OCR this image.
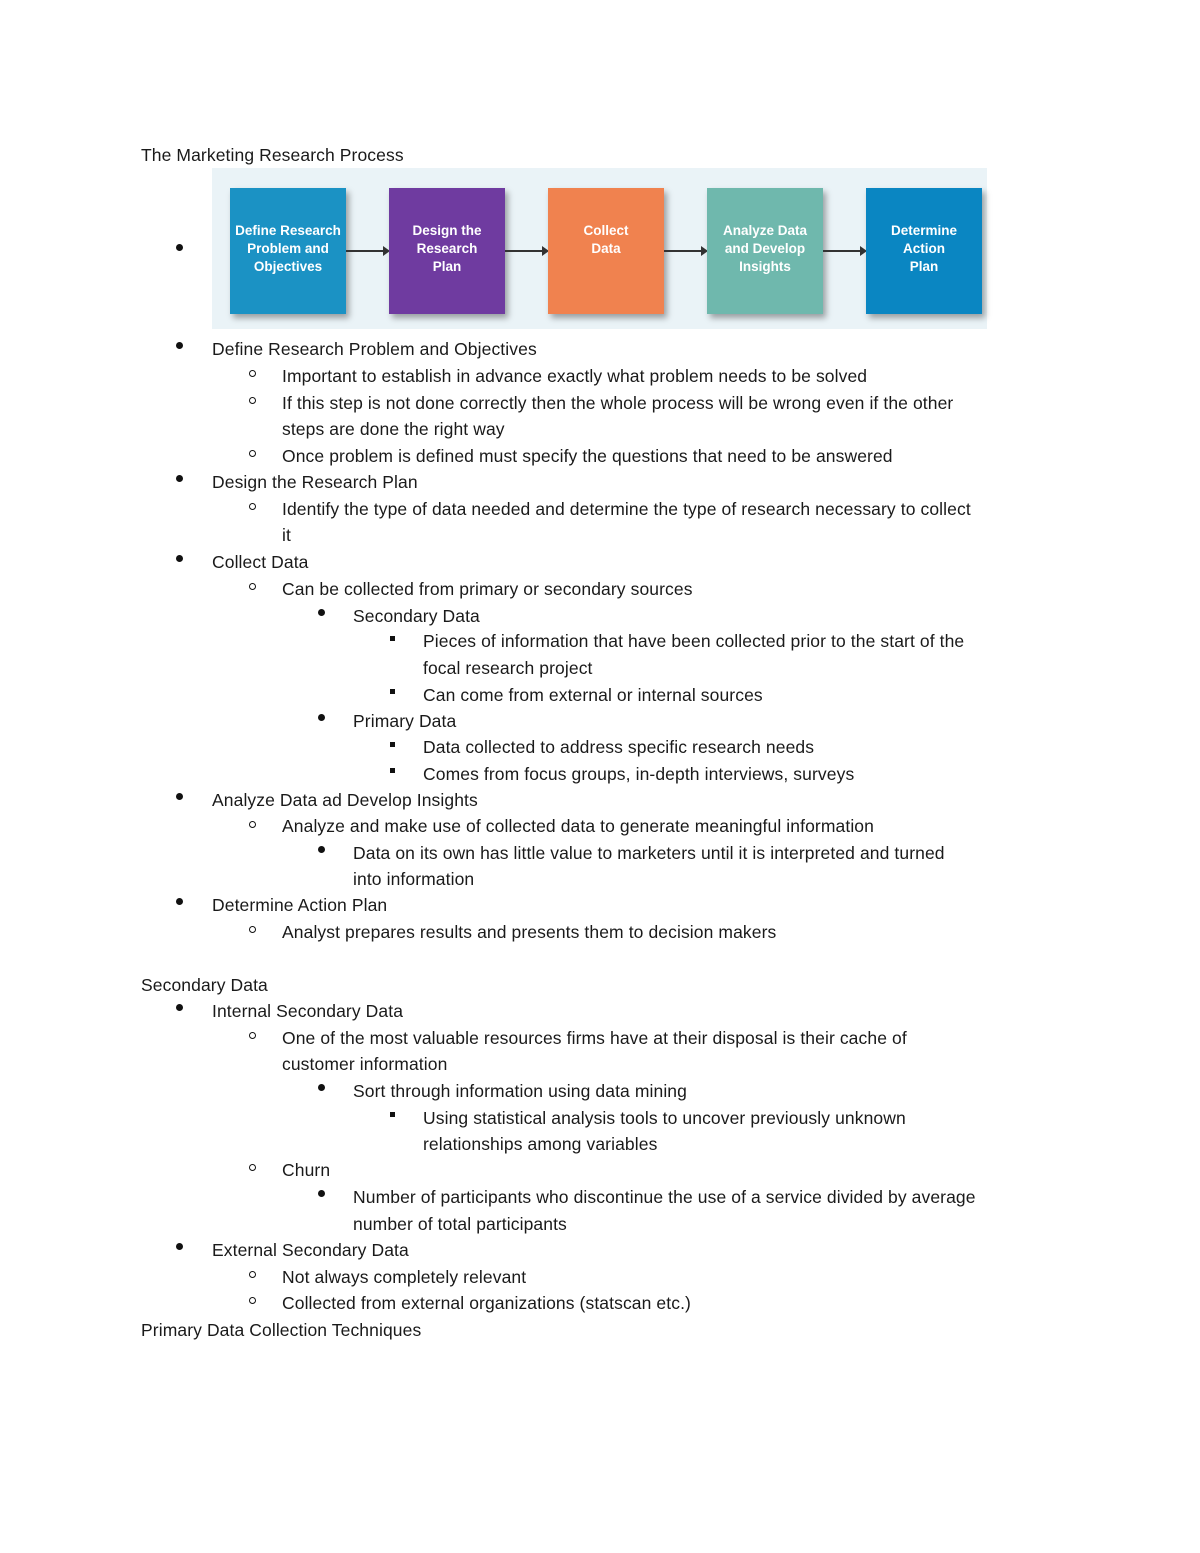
The Marketing Research Process
Define Research
Problem and
Objectives
Design the
Research
Plan
Collect
Data
Analyze Data
and Develop
Insights
Determine
Action
Plan
Define Research Problem and Objectives
Important to establish in advance exactly what problem needs to be solved
If this step is not done correctly then the whole process will be wrong even if the other
steps are done the right way
Once problem is defined must specify the questions that need to be answered
Design the Research Plan
Identify the type of data needed and determine the type of research necessary to collect
it
Collect Data
Can be collected from primary or secondary sources
Secondary Data
Pieces of information that have been collected prior to the start of the
focal research project
Can come from external or internal sources
Primary Data
Data collected to address specific research needs
Comes from focus groups, in-depth interviews, surveys
Analyze Data ad Develop Insights
Analyze and make use of collected data to generate meaningful information
Data on its own has little value to marketers until it is interpreted and turned
into information
Determine Action Plan
Analyst prepares results and presents them to decision makers
Secondary Data
Internal Secondary Data
One of the most valuable resources firms have at their disposal is their cache of
customer information
Sort through information using data mining
Using statistical analysis tools to uncover previously unknown
relationships among variables
Churn
Number of participants who discontinue the use of a service divided by average
number of total participants
External Secondary Data
Not always completely relevant
Collected from external organizations (statscan etc.)
Primary Data Collection Techniques
